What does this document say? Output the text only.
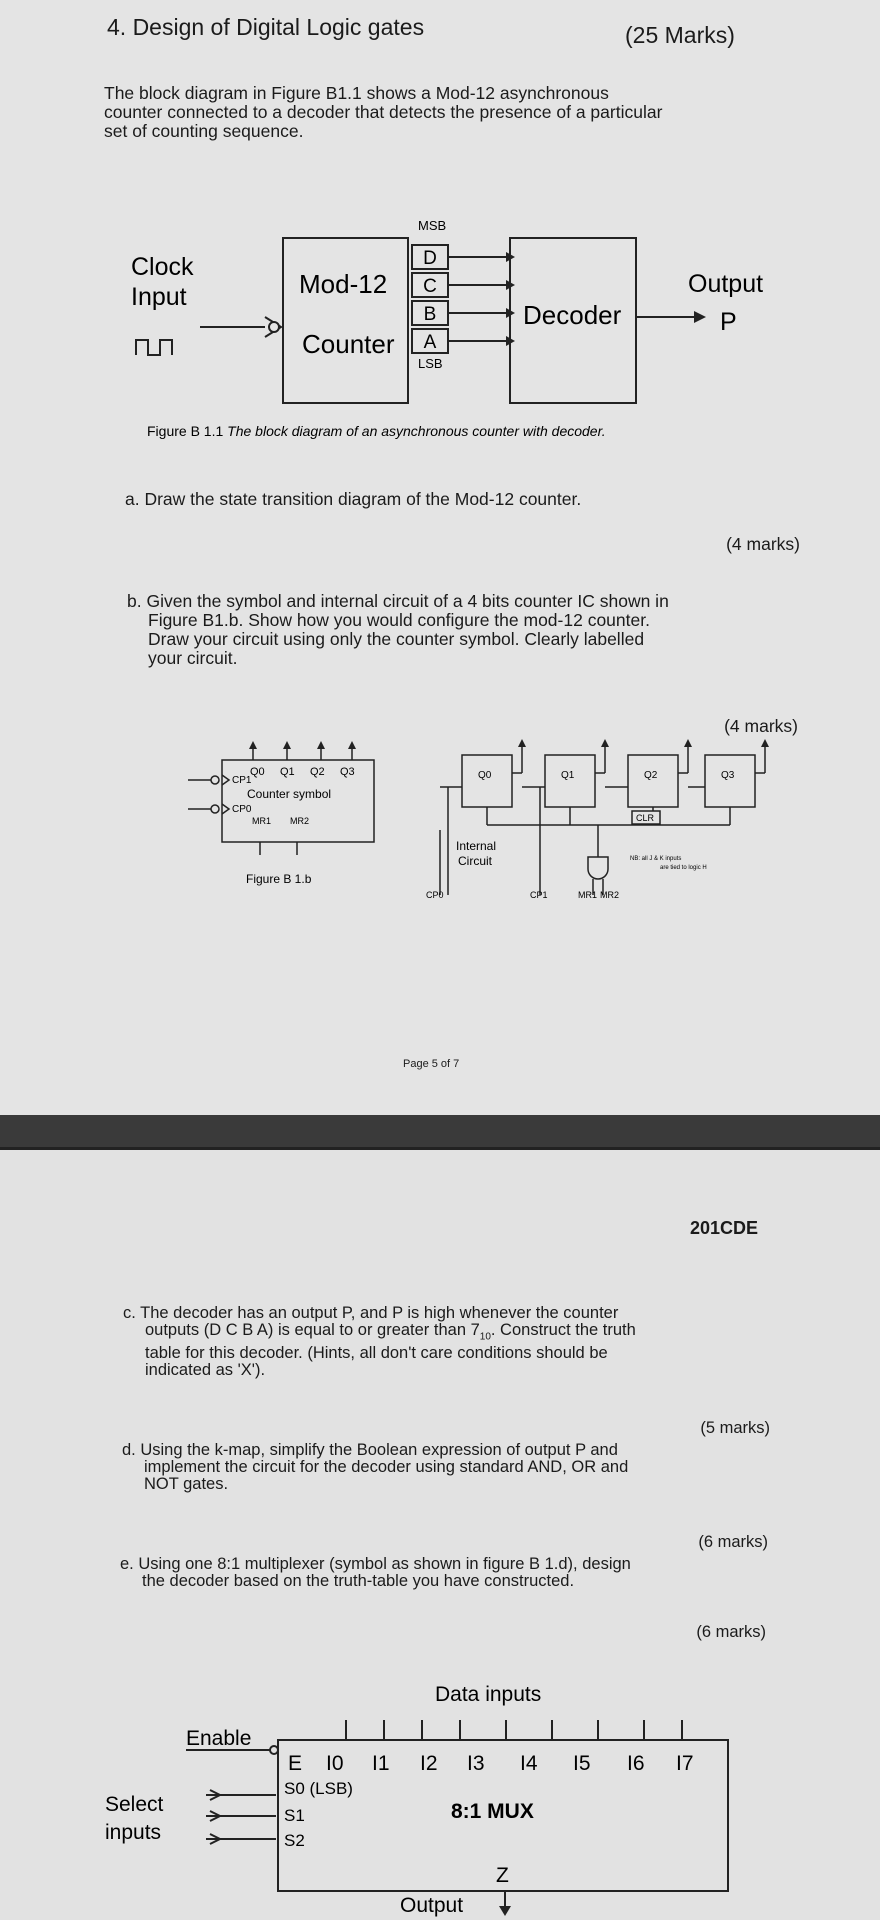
4. Design of Digital Logic gates	(25 Marks)

The block diagram in Figure B1.1 shows a Mod-12 asynchronous
counter connected to a decoder that detects the presence of a particular
set of counting sequence.
MSB
LSB
D
C
B
A
Mod-12
Counter
Decoder
Clock
Input	Output
P
Figure B 1.1 The block diagram of an asynchronous counter with decoder.

a. Draw the state transition diagram of the Mod-12 counter.

(4 marks)

b. Given the symbol and internal circuit of a 4 bits counter IC shown in
Figure B1.b. Show how you would configure the mod-12 counter.
Draw your circuit using only the counter symbol. Clearly labelled
your circuit.

(4 marks)

Q0 Q1 Q2 Q3
CP1
CP0
Counter symbol
MR1 MR2
Figure B 1.b
Q0	Q1	Q2	Q3
CLR
Internal
Circuit	NB: all J & K inputs
are tied to logic H
CP0	CP1	MR1 MR2

Page 5 of 7

201CDE

c. The decoder has an output P, and P is high whenever the counter
outputs (D C B A) is equal to or greater than $7_{10}$. Construct the truth
table for this decoder. (Hints, all don't care conditions should be
indicated as 'X').

(5 marks)

d. Using the k-map, simplify the Boolean expression of output P and
implement the circuit for the decoder using standard AND, OR and
NOT gates.

(6 marks)

e. Using one 8:1 multiplexer (symbol as shown in figure B 1.d), design
the decoder based on the truth-table you have constructed.

(6 marks)

Data inputs
Enable
E I0 I1 I2 I3 I4 I5 I6 I7
S0 (LSB)
S1
S2
Select
inputs
8:1 MUX
Z
Output
